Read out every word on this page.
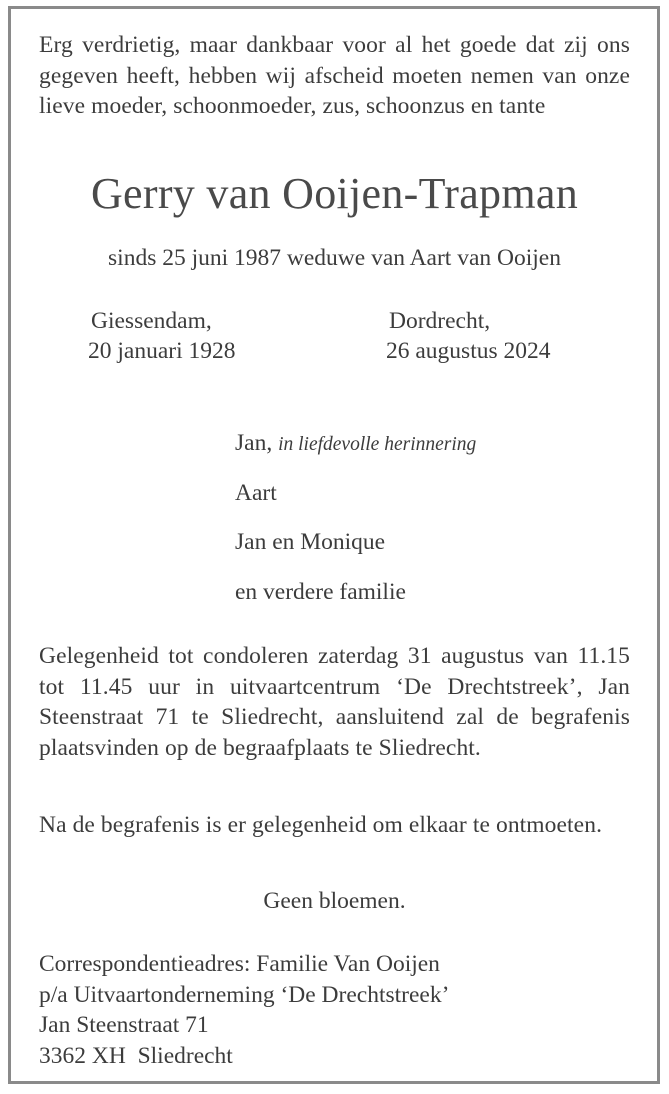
Erg verdrietig, maar dankbaar voor al het goede dat zij ons gegeven heeft, hebben wij afscheid moeten nemen van onze lieve moeder, schoonmoeder, zus, schoonzus en tante

Gerry van Ooijen-Trapman
sinds 25 juni 1987 weduwe van Aart van Ooijen
Giessendam,
20 januari 1928
Dordrecht,
26 augustus 2024
Jan, in liefdevolle herinnering
Aart
Jan en Monique
en verdere familie

Gelegenheid tot condoleren zaterdag 31 augustus van 11.15 tot 11.45 uur in uitvaartcentrum ‘De Drechtstreek’, Jan Steenstraat 71 te Sliedrecht, aansluitend zal de begrafenis plaatsvinden op de begraafplaats te Sliedrecht.

Na de begrafenis is er gelegenheid om elkaar te ontmoeten.

Geen bloemen.
Correspondentieadres: Familie Van Ooijen
p/a Uitvaartonderneming ‘De Drechtstreek’
Jan Steenstraat 71
3362 XH  Sliedrecht
